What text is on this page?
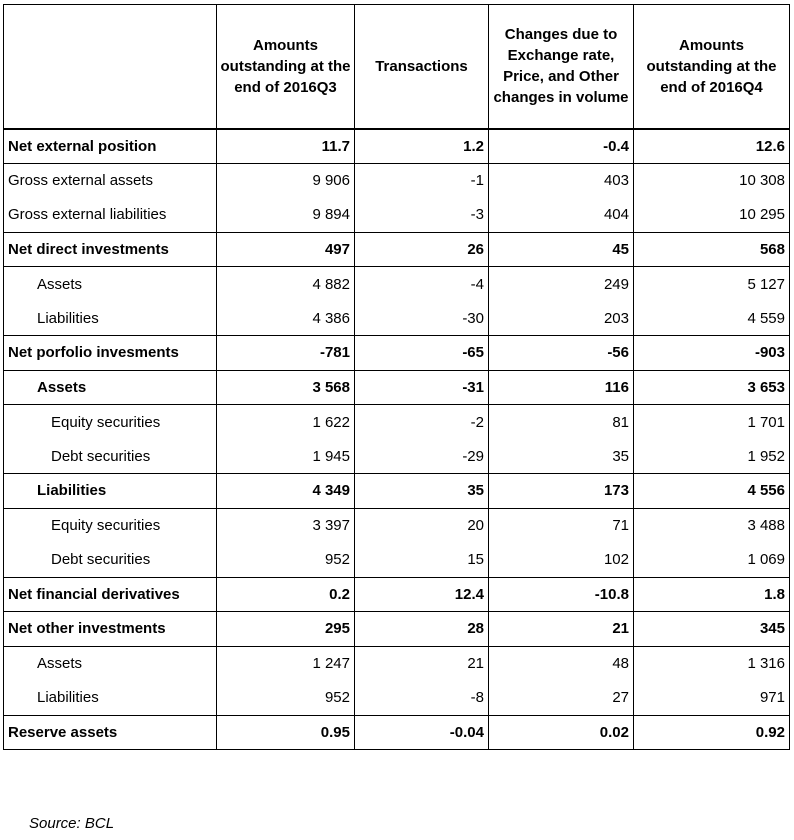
	Amounts outstanding at the end of 2016Q3	Transactions	Changes due to Exchange rate, Price, and Other changes in volume	Amounts outstanding at the end of 2016Q4
Net external position	11.7	1.2	-0.4	12.6
Gross external assets	9 906	-1	403	10 308
Gross external liabilities	9 894	-3	404	10 295
Net direct investments	497	26	45	568
Assets	4 882	-4	249	5 127
Liabilities	4 386	-30	203	4 559
Net porfolio invesments	-781	-65	-56	-903
Assets	3 568	-31	116	3 653
Equity securities	1 622	-2	81	1 701
Debt securities	1 945	-29	35	1 952
Liabilities	4 349	35	173	4 556
Equity securities	3 397	20	71	3 488
Debt securities	952	15	102	1 069
Net financial derivatives	0.2	12.4	-10.8	1.8
Net other investments	295	28	21	345
Assets	1 247	21	48	1 316
Liabilities	952	-8	27	971
Reserve assets	0.95	-0.04	0.02	0.92
Source: BCL
